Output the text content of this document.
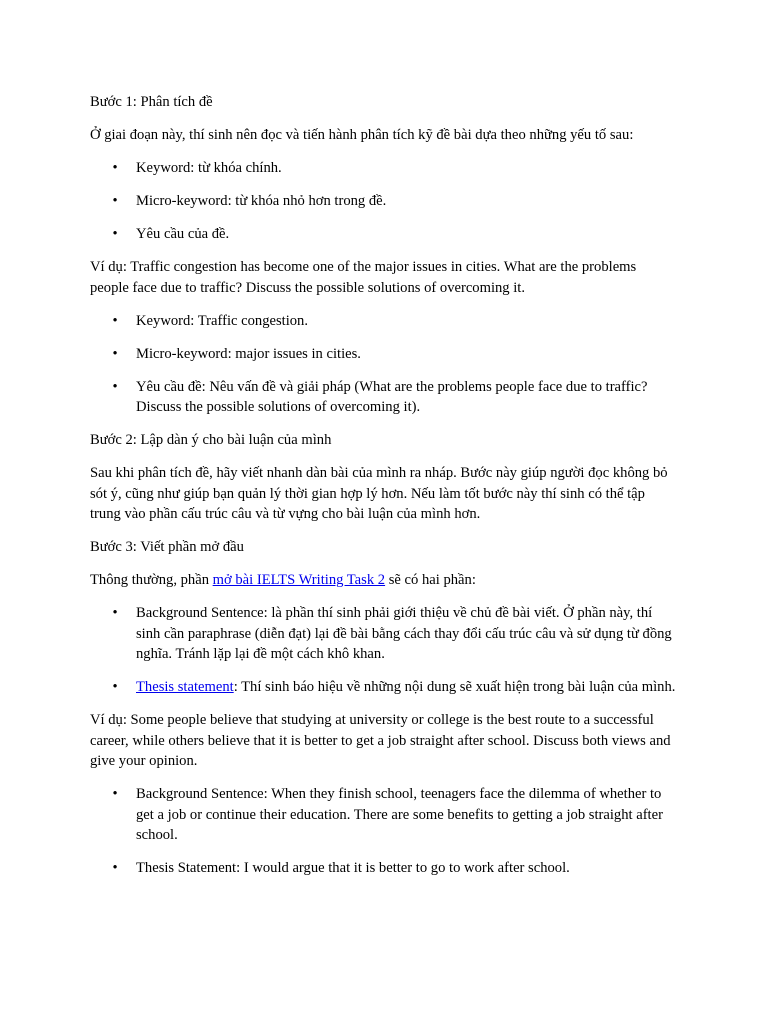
Bước 1: Phân tích đề

Ở giai đoạn này, thí sinh nên đọc và tiến hành phân tích kỹ đề bài dựa theo những yếu tố sau:

• Keyword: từ khóa chính.
• Micro-keyword: từ khóa nhỏ hơn trong đề.
• Yêu cầu của đề.

Ví dụ: Traffic congestion has become one of the major issues in cities. What are the problems people face due to traffic? Discuss the possible solutions of overcoming it.

• Keyword: Traffic congestion.
• Micro-keyword: major issues in cities.
• Yêu cầu đề: Nêu vấn đề và giải pháp (What are the problems people face due to traffic? Discuss the possible solutions of overcoming it).

Bước 2: Lập dàn ý cho bài luận của mình

Sau khi phân tích đề, hãy viết nhanh dàn bài của mình ra nháp. Bước này giúp người đọc không bỏ sót ý, cũng như giúp bạn quản lý thời gian hợp lý hơn. Nếu làm tốt bước này thí sinh có thể tập trung vào phần cấu trúc câu và từ vựng cho bài luận của mình hơn.

Bước 3: Viết phần mở đầu

Thông thường, phần mở bài IELTS Writing Task 2 sẽ có hai phần:

• Background Sentence: là phần thí sinh phải giới thiệu về chủ đề bài viết. Ở phần này, thí sinh cần paraphrase (diễn đạt) lại đề bài bằng cách thay đổi cấu trúc câu và sử dụng từ đồng nghĩa. Tránh lặp lại đề một cách khô khan.
• Thesis statement: Thí sinh báo hiệu về những nội dung sẽ xuất hiện trong bài luận của mình.

Ví dụ: Some people believe that studying at university or college is the best route to a successful career, while others believe that it is better to get a job straight after school. Discuss both views and give your opinion.

• Background Sentence: When they finish school, teenagers face the dilemma of whether to get a job or continue their education. There are some benefits to getting a job straight after school.
• Thesis Statement: I would argue that it is better to go to work after school.
